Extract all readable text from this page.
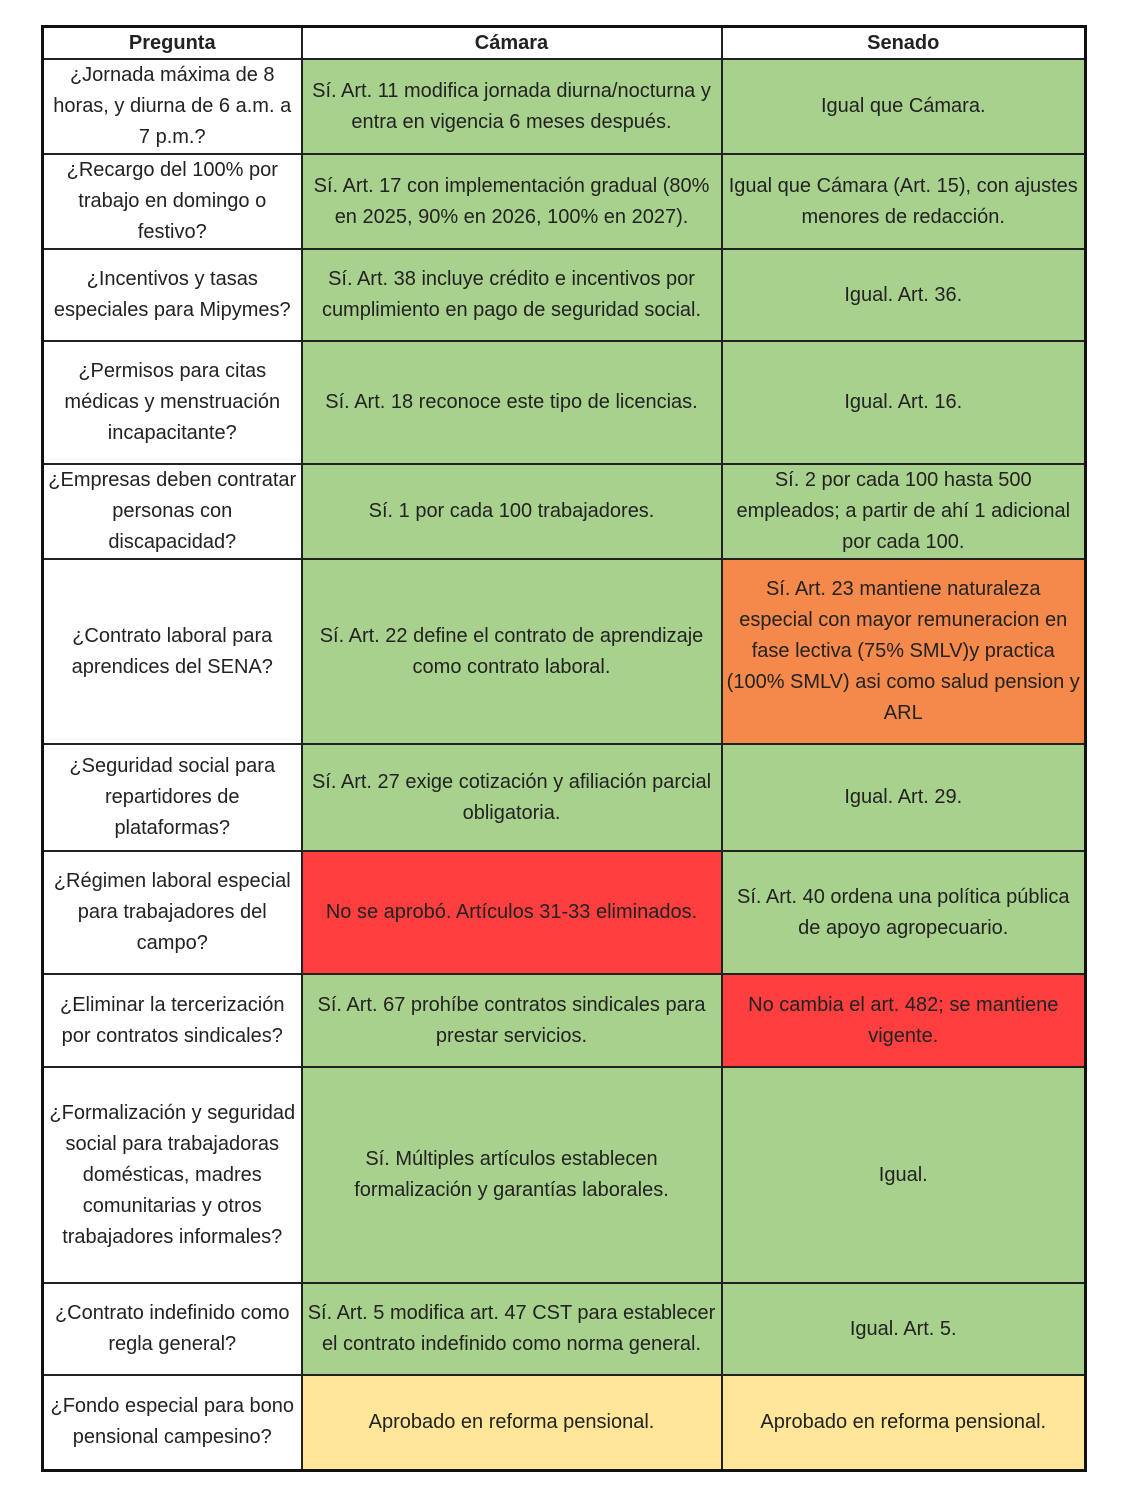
Pregunta	Cámara	Senado
¿Jornada máxima de 8 horas, y diurna de 6 a.m. a 7 p.m.?	Sí. Art. 11 modifica jornada diurna/nocturna y entra en vigencia 6 meses después.	Igual que Cámara.
¿Recargo del 100% por trabajo en domingo o festivo?	Sí. Art. 17 con implementación gradual (80% en 2025, 90% en 2026, 100% en 2027).	Igual que Cámara (Art. 15), con ajustes menores de redacción.
¿Incentivos y tasas especiales para Mipymes?	Sí. Art. 38 incluye crédito e incentivos por cumplimiento en pago de seguridad social.	Igual. Art. 36.
¿Permisos para citas médicas y menstruación incapacitante?	Sí. Art. 18 reconoce este tipo de licencias.	Igual. Art. 16.
¿Empresas deben contratar personas con discapacidad?	Sí. 1 por cada 100 trabajadores.	Sí. 2 por cada 100 hasta 500 empleados; a partir de ahí 1 adicional por cada 100.
¿Contrato laboral para aprendices del SENA?	Sí. Art. 22 define el contrato de aprendizaje como contrato laboral.	Sí. Art. 23 mantiene naturaleza especial con mayor remuneracion en fase lectiva (75% SMLV)y practica (100% SMLV) asi como salud pension y ARL
¿Seguridad social para repartidores de plataformas?	Sí. Art. 27 exige cotización y afiliación parcial obligatoria.	Igual. Art. 29.
¿Régimen laboral especial para trabajadores del campo?	No se aprobó. Artículos 31-33 eliminados.	Sí. Art. 40 ordena una política pública de apoyo agropecuario.
¿Eliminar la tercerización por contratos sindicales?	Sí. Art. 67 prohíbe contratos sindicales para prestar servicios.	No cambia el art. 482; se mantiene vigente.
¿Formalización y seguridad social para trabajadoras domésticas, madres comunitarias y otros trabajadores informales?	Sí. Múltiples artículos establecen formalización y garantías laborales.	Igual.
¿Contrato indefinido como regla general?	Sí. Art. 5 modifica art. 47 CST para establecer el contrato indefinido como norma general.	Igual. Art. 5.
¿Fondo especial para bono pensional campesino?	Aprobado en reforma pensional.	Aprobado en reforma pensional.
